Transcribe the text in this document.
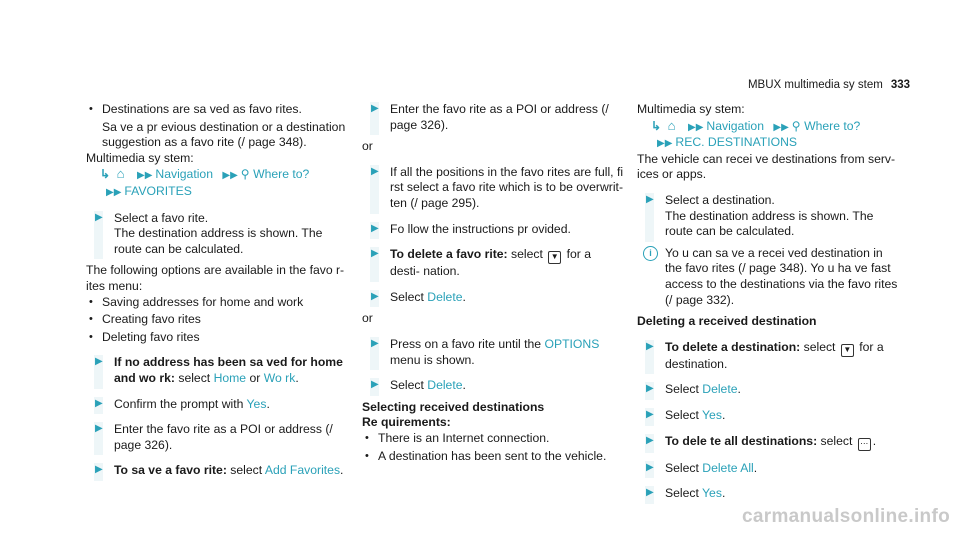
MBUX multimedia sy stem 333
• Destinations are sa ved as favo rites.
Sa ve a pr evious destination or a destination suggestion as a favo rite (/ page 348).
Multimedia sy stem:
↳ ⌂ ▶▶ Navigation ▶▶ ⚲ Where to?
▶▶ FAVORITES
▶ Select a favo rite.
The destination address is shown. The route can be calculated.
The following options are available in the favo r-ites menu:
• Saving addresses for home and work
• Creating favo rites
• Deleting favo rites
▶ If no address has been sa ved for home and wo rk: select Home or Wo rk.
▶ Confirm the prompt with Yes.
▶ Enter the favo rite as a POI or address (/ page 326).
▶ To sa ve a favo rite: select Add Favorites.
▶ Enter the favo rite as a POI or address (/ page 326).
or
▶ If all the positions in the favo rites are full, fi rst select a favo rite which is to be overwrit‐ ten (/ page 295).
▶ Fo llow the instructions pr ovided.
▶ To delete a favo rite: select ▼ for a desti‐ nation.
▶ Select Delete.
or
▶ Press on a favo rite until the OPTIONS menu is shown.
▶ Select Delete.
Selecting received destinations
Re quirements:
• There is an Internet connection.
• A destination has been sent to the vehicle.
Multimedia sy stem:
↳ ⌂ ▶▶ Navigation ▶▶ ⚲ Where to?
▶▶ REC. DESTINATIONS
The vehicle can recei ve destinations from serv‐ ices or apps.
▶ Select a destination.
The destination address is shown. The route can be calculated.
i	Yo u can sa ve a recei ved destination in the favo rites (/ page 348). Yo u ha ve fast access to the destinations via the favo rites (/ page 332).
Deleting a received destination
▶ To delete a destination: select ▼ for a destination.
▶ Select Delete.
▶ Select Yes.
▶ To dele te all destinations: select ⋯ .
▶ Select Delete All.
▶ Select Yes.
carmanualsonline.info
